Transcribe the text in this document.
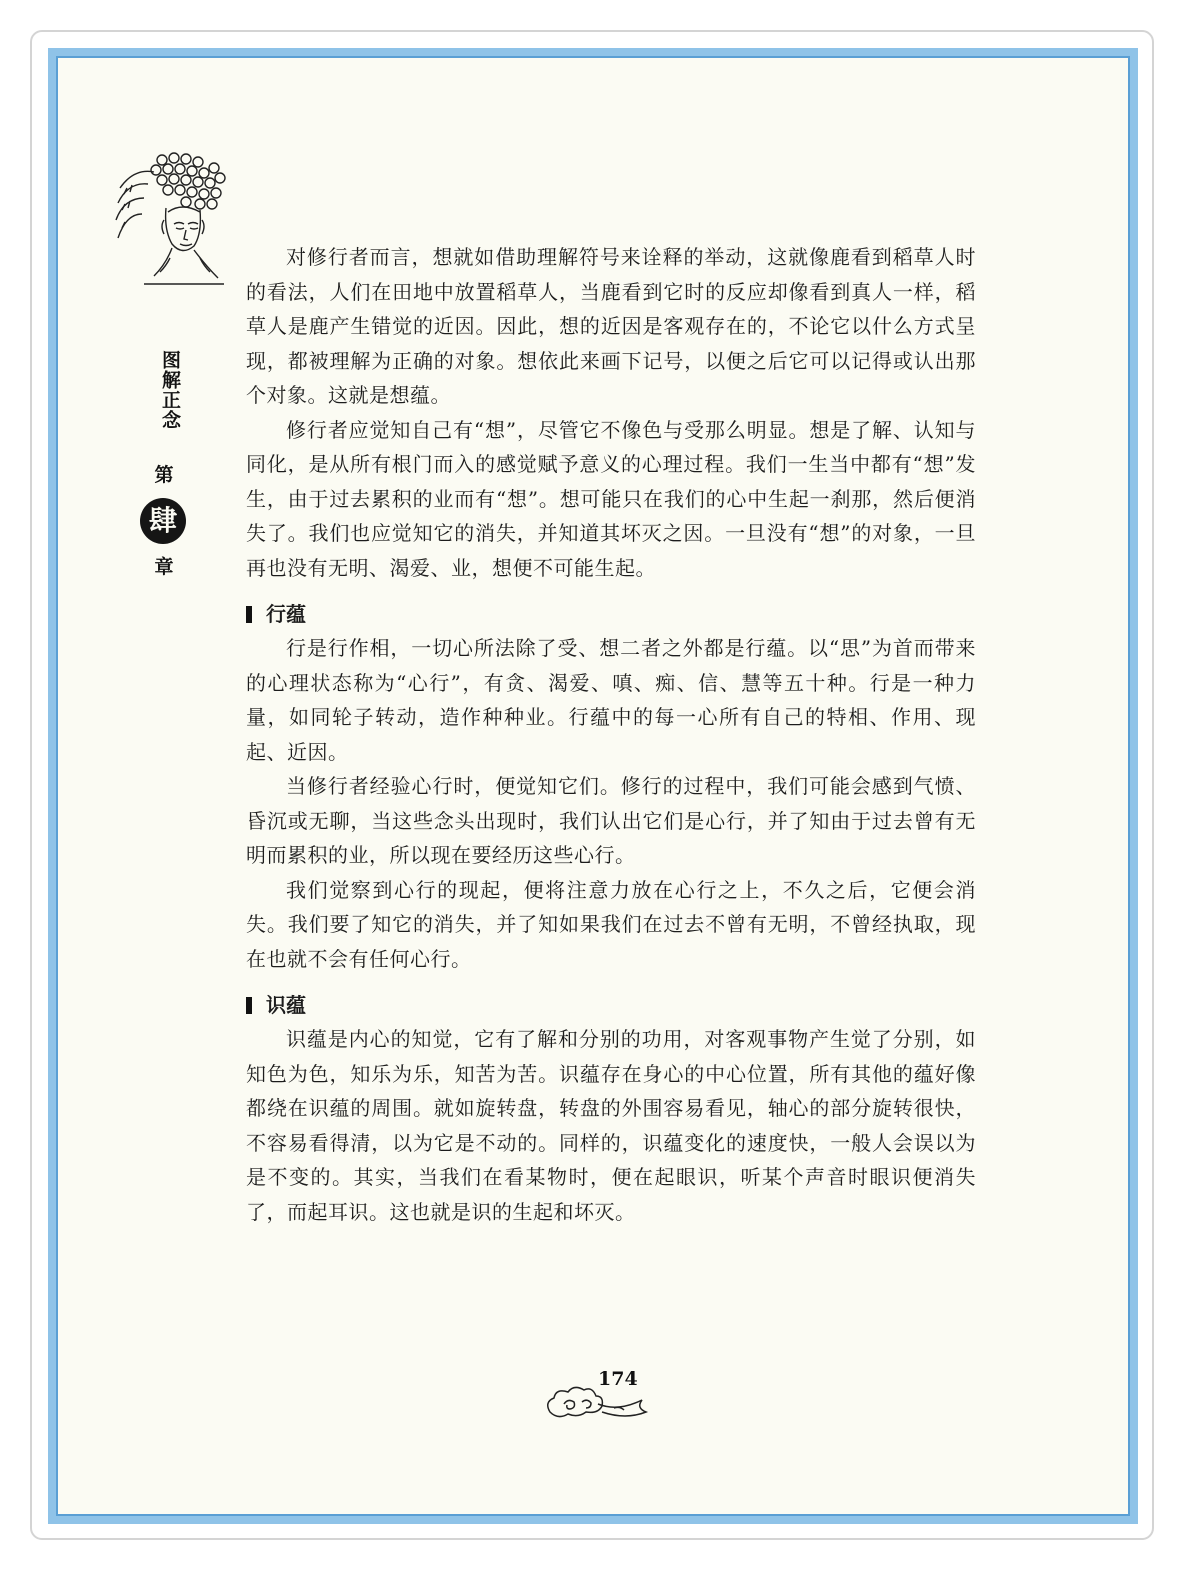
图解正念
第
肆
章

对修行者而言，想就如借助理解符号来诠释的举动，这就像鹿看到稻草人时的看法，人们在田地中放置稻草人，当鹿看到它时的反应却像看到真人一样，稻草人是鹿产生错觉的近因。因此，想的近因是客观存在的，不论它以什么方式呈现，都被理解为正确的对象。想依此来画下记号，以便之后它可以记得或认出那个对象。这就是想蕴。

修行者应觉知自己有“想”，尽管它不像色与受那么明显。想是了解、认知与同化，是从所有根门而入的感觉赋予意义的心理过程。我们一生当中都有“想”发生，由于过去累积的业而有“想”。想可能只在我们的心中生起一刹那，然后便消失了。我们也应觉知它的消失，并知道其坏灭之因。一旦没有“想”的对象，一旦再也没有无明、渴爱、业，想便不可能生起。

行蕴

行是行作相，一切心所法除了受、想二者之外都是行蕴。以“思”为首而带来的心理状态称为“心行”，有贪、渴爱、嗔、痴、信、慧等五十种。行是一种力量，如同轮子转动，造作种种业。行蕴中的每一心所有自己的特相、作用、现起、近因。

当修行者经验心行时，便觉知它们。修行的过程中，我们可能会感到气愤、昏沉或无聊，当这些念头出现时，我们认出它们是心行，并了知由于过去曾有无明而累积的业，所以现在要经历这些心行。

我们觉察到心行的现起，便将注意力放在心行之上，不久之后，它便会消失。我们要了知它的消失，并了知如果我们在过去不曾有无明，不曾经执取，现在也就不会有任何心行。

识蕴

识蕴是内心的知觉，它有了解和分别的功用，对客观事物产生觉了分别，如知色为色，知乐为乐，知苦为苦。识蕴存在身心的中心位置，所有其他的蕴好像都绕在识蕴的周围。就如旋转盘，转盘的外围容易看见，轴心的部分旋转很快，不容易看得清，以为它是不动的。同样的，识蕴变化的速度快，一般人会误以为是不变的。其实，当我们在看某物时，便在起眼识，听某个声音时眼识便消失了，而起耳识。这也就是识的生起和坏灭。

174
